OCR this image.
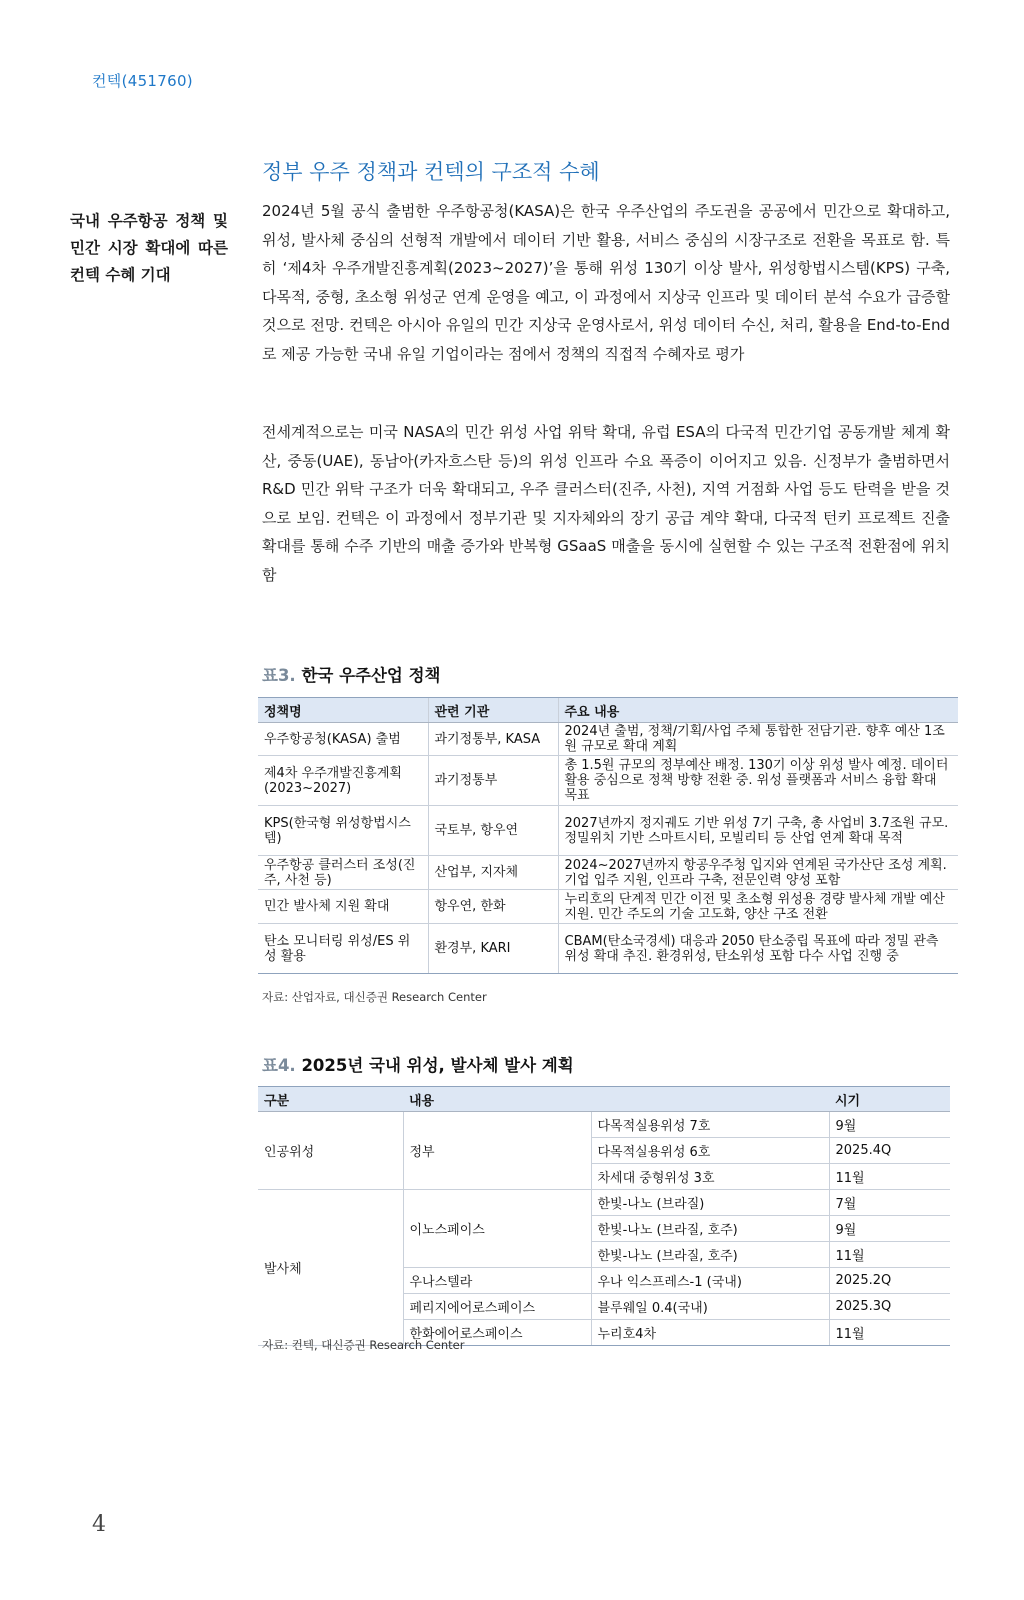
컨텍(451760)
정부 우주 정책과 컨텍의 구조적 수혜
국내 우주항공 정책 및 민간 시장 확대에 따른 컨텍 수혜 기대

2024년 5월 공식 출범한 우주항공청(KASA)은 한국 우주산업의 주도권을 공공에서 민간으로 확대하고, 위성, 발사체 중심의 선형적 개발에서 데이터 기반 활용, 서비스 중심의 시장구조로 전환을 목표로 함. 특히 ‘제4차 우주개발진흥계획(2023~2027)’을 통해 위성 130기 이상 발사, 위성항법시스템(KPS) 구축, 다목적, 중형, 초소형 위성군 연계 운영을 예고, 이 과정에서 지상국 인프라 및 데이터 분석 수요가 급증할 것으로 전망. 컨텍은 아시아 유일의 민간 지상국 운영사로서, 위성 데이터 수신, 처리, 활용을 End-to-End로 제공 가능한 국내 유일 기업이라는 점에서 정책의 직접적 수혜자로 평가

전세계적으로는 미국 NASA의 민간 위성 사업 위탁 확대, 유럽 ESA의 다국적 민간기업 공동개발 체계 확산, 중동(UAE), 동남아(카자흐스탄 등)의 위성 인프라 수요 폭증이 이어지고 있음. 신정부가 출범하면서 R&D 민간 위탁 구조가 더욱 확대되고, 우주 클러스터(진주, 사천), 지역 거점화 사업 등도 탄력을 받을 것으로 보임. 컨텍은 이 과정에서 정부기관 및 지자체와의 장기 공급 계약 확대, 다국적 턴키 프로젝트 진출 확대를 통해 수주 기반의 매출 증가와 반복형 GSaaS 매출을 동시에 실현할 수 있는 구조적 전환점에 위치함

표3. 한국 우주산업 정책
정책명	관련 기관	주요 내용
우주항공청(KASA) 출범	과기정통부, KASA	2024년 출범, 정책/기획/사업 주체 통합한 전담기관. 향후 예산 1조원 규모로 확대 계획
제4차 우주개발진흥계획 (2023~2027)	과기정통부	총 1.5원 규모의 정부예산 배정. 130기 이상 위성 발사 예정. 데이터 활용 중심으로 정책 방향 전환 중. 위성 플랫폼과 서비스 융합 확대 목표
KPS(한국형 위성항법시스템)	국토부, 항우연	2027년까지 정지궤도 기반 위성 7기 구축, 총 사업비 3.7조원 규모. 정밀위치 기반 스마트시티, 모빌리티 등 산업 연계 확대 목적
우주항공 클러스터 조성(진주, 사천 등)	산업부, 지자체	2024~2027년까지 항공우주청 입지와 연계된 국가산단 조성 계획. 기업 입주 지원, 인프라 구축, 전문인력 양성 포함
민간 발사체 지원 확대	항우연, 한화	누리호의 단계적 민간 이전 및 초소형 위성용 경량 발사체 개발 예산 지원. 민간 주도의 기술 고도화, 양산 구조 전환
탄소 모니터링 위성/ES 위성 활용	환경부, KARI	CBAM(탄소국경세) 대응과 2050 탄소중립 목표에 따라 정밀 관측 위성 확대 추진. 환경위성, 탄소위성 포함 다수 사업 진행 중
자료: 산업자료, 대신증권 Research Center
표4. 2025년 국내 위성, 발사체 발사 계획
구분	내용		시기
인공위성	정부	다목적실용위성 7호	9월
		다목적실용위성 6호	2025.4Q
		차세대 중형위성 3호	11월
발사체	이노스페이스	한빛-나노 (브라질)	7월
		한빛-나노 (브라질, 호주)	9월
		한빛-나노 (브라질, 호주)	11월
	우나스텔라	우나 익스프레스-1 (국내)	2025.2Q
	페리지에어로스페이스	블루웨일 0.4(국내)	2025.3Q
	한화에어로스페이스	누리호4차	11월
자료: 컨텍, 대신증권 Research Center
4
